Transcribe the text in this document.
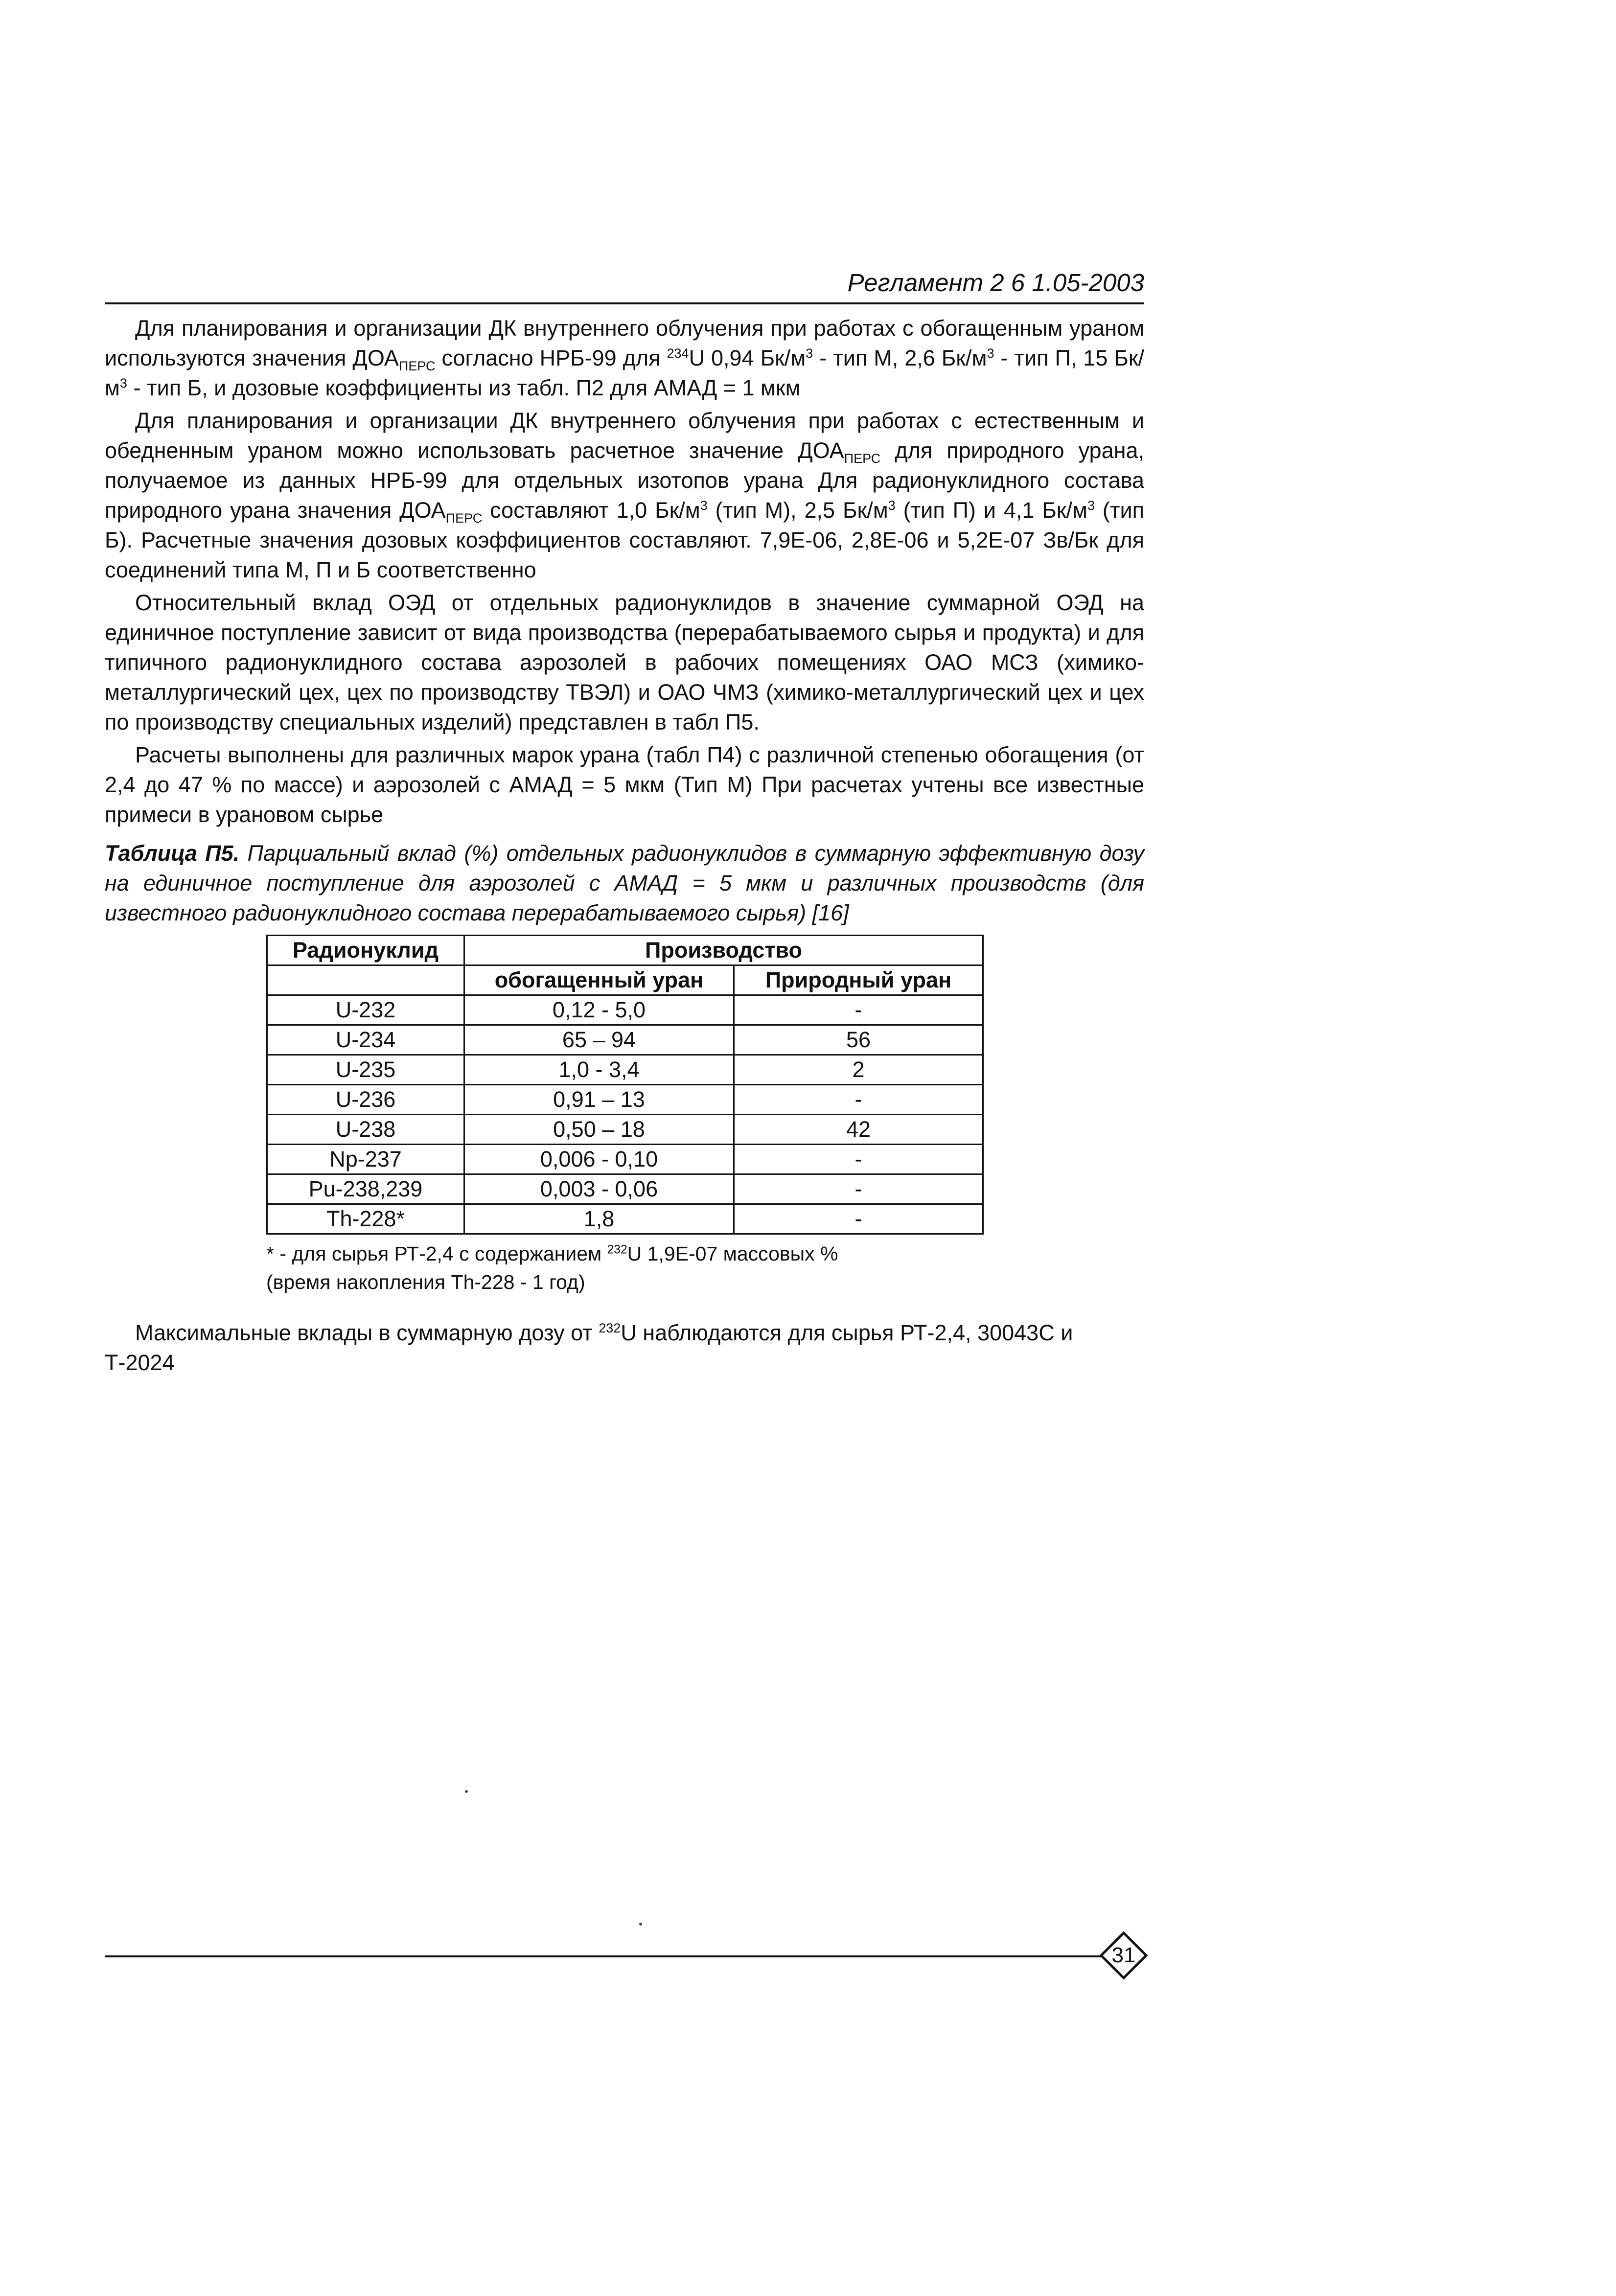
Регламент 2 6 1.05-2003

Для планирования и организации ДК внутреннего облучения при работах с обогащенным ураном используются значения $ДОА_{ПЕРС}$ согласно НРБ-99 для $^{234}$U 0,94 $Бк/м^3$ - тип М, 2,6 $Бк/м^3$ - тип П, 15 $Бк/м^3$ - тип Б, и дозовые коэффициенты из табл. П2 для АМАД = 1 мкм

Для планирования и организации ДК внутреннего облучения при работах с естественным и обедненным ураном можно использовать расчетное значение $ДОА_{ПЕРС}$ для природного урана, получаемое из данных НРБ-99 для отдельных изотопов урана Для радионуклидного состава природного урана значения $ДОА_{ПЕРС}$ составляют 1,0 $Бк/м^3$ (тип М), 2,5 $Бк/м^3$ (тип П) и 4,1 $Бк/м^3$ (тип Б). Расчетные значения дозовых коэффициентов составляют. 7,9Е-06, 2,8Е-06 и 5,2Е-07 Зв/Бк для соединений типа М, П и Б соответственно

Относительный вклад ОЭД от отдельных радионуклидов в значение суммарной ОЭД на единичное поступление зависит от вида производства (перерабатываемого сырья и продукта) и для типичного радионуклидного состава аэрозолей в рабочих помещениях ОАО МСЗ (химико-металлургический цех, цех по производству ТВЭЛ) и ОАО ЧМЗ (химико-металлургический цех и цех по производству специальных изделий) представлен в табл П5.

Расчеты выполнены для различных марок урана (табл П4) с различной степенью обогащения (от 2,4 до 47 % по массе) и аэрозолей с АМАД = 5 мкм (Тип М) При расчетах учтены все известные примеси в урановом сырье

Таблица П5. Парциальный вклад (%) отдельных радионуклидов в суммарную эффективную дозу на единичное поступление для аэрозолей с АМАД = 5 мкм и различных производств (для известного радионуклидного состава перерабатываемого сырья) [16]

Радионуклид	Производство	
	обогащенный уран	Природный уран
U-232	0,12 - 5,0	-
U-234	65 – 94	56
U-235	1,0 - 3,4	2
U-236	0,91 – 13	-
U-238	0,50 – 18	42
Np-237	0,006 - 0,10	-
Pu-238,239	0,003 - 0,06	-
Th-228*	1,8	-
* - для сырья РТ-2,4 с содержанием $^{232}$U 1,9Е-07 массовых %
(время накопления Th-228 - 1 год)

Максимальные вклады в суммарную дозу от $^{232}$U наблюдаются для сырья РТ-2,4, 30043С и Т-2024

31
